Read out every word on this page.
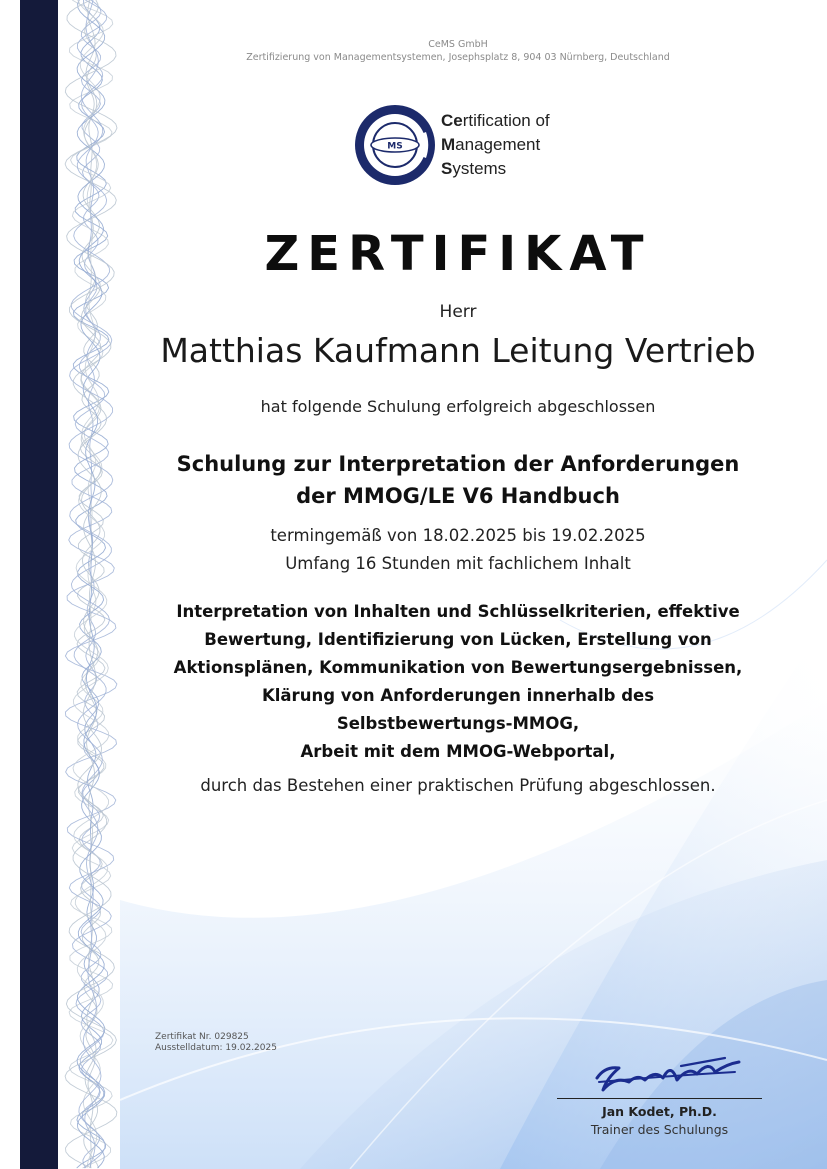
CeMS GmbH
Zertifizierung von Managementsystemen, Josephsplatz 8, 904 03 Nürnberg, Deutschland
MS
Certification of
Management
Systems
ZERTIFIKAT
Herr
Matthias Kaufmann Leitung Vertrieb
hat folgende Schulung erfolgreich abgeschlossen
Schulung zur Interpretation der Anforderungen
der MMOG/LE V6 Handbuch
termingemäß von 18.02.2025 bis 19.02.2025
Umfang 16 Stunden mit fachlichem Inhalt
Interpretation von Inhalten und Schlüsselkriterien, effektive
Bewertung, Identifizierung von Lücken, Erstellung von
Aktionsplänen, Kommunikation von Bewertungsergebnissen,
Klärung von Anforderungen innerhalb des
Selbstbewertungs-MMOG,
Arbeit mit dem MMOG-Webportal,
durch das Bestehen einer praktischen Prüfung abgeschlossen.
Zertifikat Nr. 029825
Ausstelldatum: 19.02.2025
Jan Kodet, Ph.D.
Trainer des Schulungs
